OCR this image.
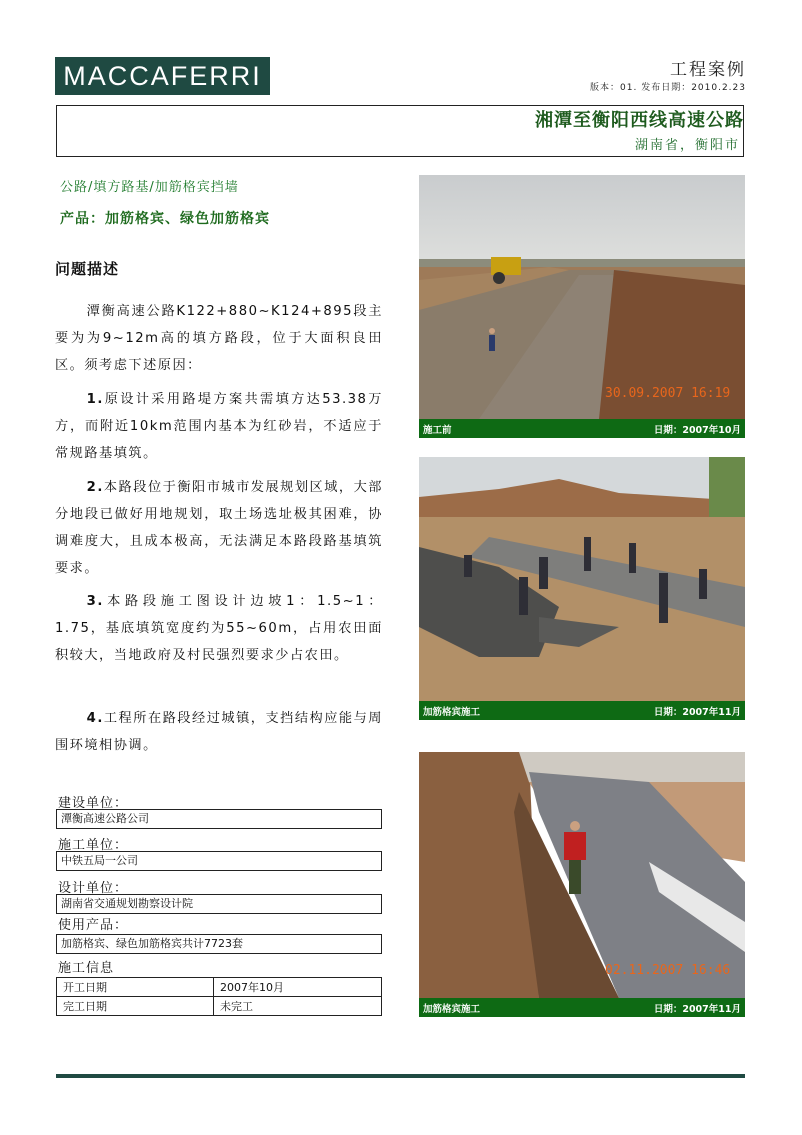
MACCAFERRI	工程案例
版本：01. 发布日期：2010.2.23
湘潭至衡阳西线高速公路
湖南省，衡阳市
公路/填方路基/加筋格宾挡墙
产品：加筋格宾、绿色加筋格宾
问题描述
潭衡高速公路K122+880~K124+895段主要为为9~12m高的填方路段，位于大面积良田区。须考虑下述原因：
1.原设计采用路堤方案共需填方达53.38万方，而附近10km范围内基本为红砂岩，不适应于常规路基填筑。
2.本路段位于衡阳市城市发展规划区域，大部分地段已做好用地规划，取土场选址极其困难，协调难度大，且成本极高，无法满足本路段路基填筑要求。
3.本路段施工图设计边坡1：1.5~1：1.75，基底填筑宽度约为55~60m，占用农田面积较大，当地政府及村民强烈要求少占农田。
4.工程所在路段经过城镇，支挡结构应能与周围环境相协调。
建设单位：
潭衡高速公路公司
施工单位：
中铁五局一公司
设计单位：
湖南省交通规划勘察设计院
使用产品：
加筋格宾、绿色加筋格宾共计7723套
施工信息
开工日期	2007年10月
完工日期	未完工
30.09.2007 16:19
施工前	日期：2007年10月
加筋格宾施工	日期：2007年11月
02.11.2007 16:46
加筋格宾施工	日期：2007年11月
